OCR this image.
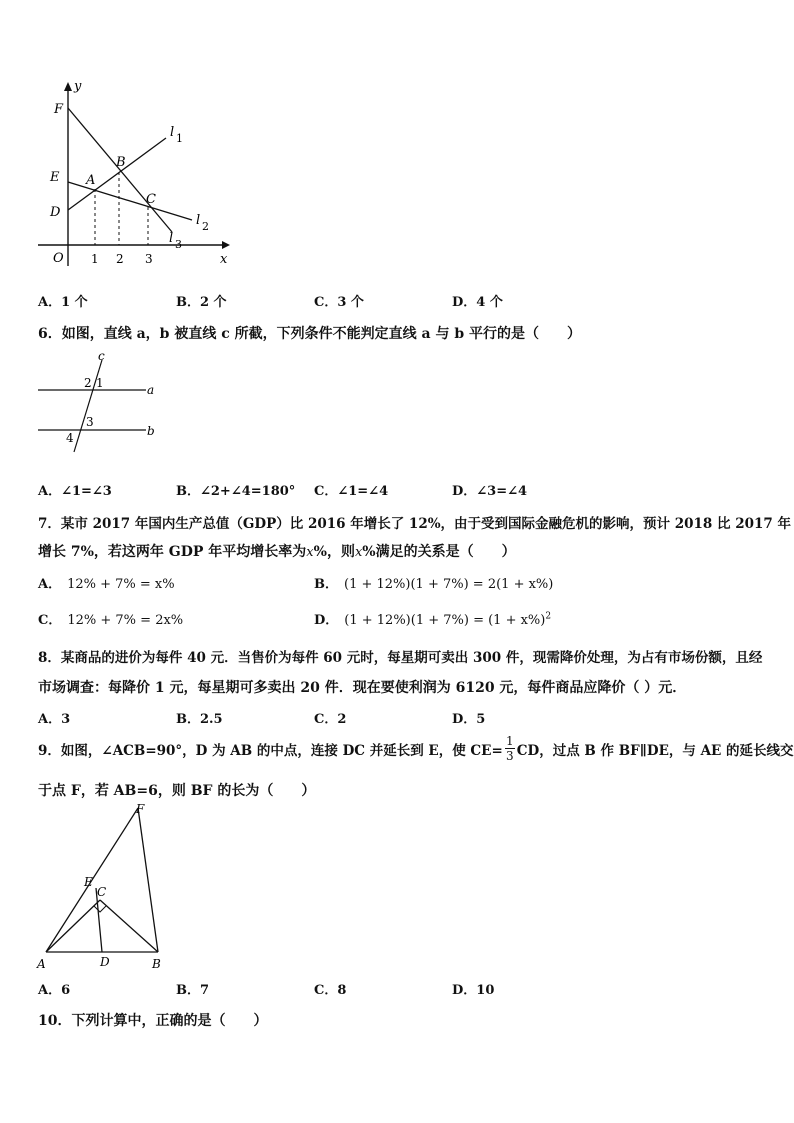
y
x
O
F
E
D
A
B
C
l 1
l 2
l 3
1 2 3
A．1 个	B．2 个	C．3 个	D．4 个
6．如图，直线 a，b 被直线 c 所截，下列条件不能判定直线 a 与 b 平行的是（　　）
c
a
b
2 1
3
4
A．∠1=∠3	B．∠2+∠4=180° C．∠1=∠4	D．∠3=∠4
7．某市 2017 年国内生产总值（GDP）比 2016 年增长了 12%，由于受到国际金融危机的影响，预计 2018 比 2017 年
增长 7%，若这两年 GDP 年平均增长率为x%，则x%满足的关系是（　　）
A． 12% + 7% = x%	B． (1 + 12%)(1 + 7%) = 2(1 + x%)
C． 12% + 7% = 2x%	D． $(1 + 12\%)(1 + 7\%) = (1 + x\%)^2$
8．某商品的进价为每件 40 元．当售价为每件 60 元时，每星期可卖出 300 件，现需降价处理，为占有市场份额，且经
市场调查：每降价 1 元，每星期可多卖出 20 件．现在要使利润为 6120 元，每件商品应降价（ ）元．
A．3	B．2.5	C．2	D．5
9．如图，∠ACB=90°，D 为 AB 的中点，连接 DC 并延长到 E，使 CE=
1
3 CD，过点 B 作 BF∥DE，与 AE 的延长线交
于点 F，若 AB=6，则 BF 的长为（　　）
F
E
C
A	D	B
A．6	B．7	C．8	D．10
10．下列计算中，正确的是（　　）
